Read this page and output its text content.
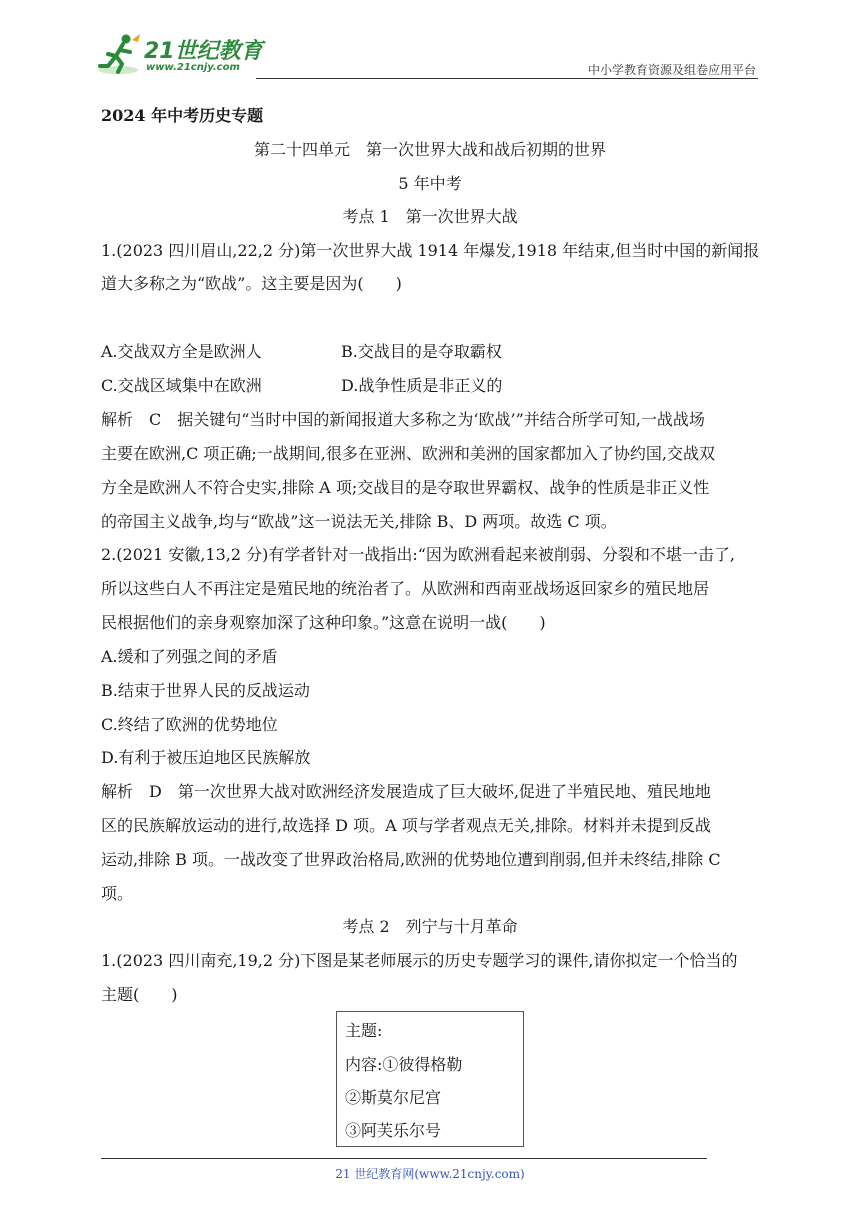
21世纪教育
www.21cnjy.com	中小学教育资源及组卷应用平台
2024 年中考历史专题
第二十四单元　第一次世界大战和战后初期的世界
5 年中考
考点 1　第一次世界大战
1.(2023 四川眉山,22,2 分)第一次世界大战 1914 年爆发,1918 年结束,但当时中国的新闻报
道大多称之为“欧战”。这主要是因为(　　)
A.交战双方全是欧洲人	B.交战目的是夺取霸权
C.交战区域集中在欧洲	D.战争性质是非正义的
解析　C　据关键句“当时中国的新闻报道大多称之为‘欧战’”并结合所学可知,一战战场
主要在欧洲,C 项正确;一战期间,很多在亚洲、欧洲和美洲的国家都加入了协约国,交战双
方全是欧洲人不符合史实,排除 A 项;交战目的是夺取世界霸权、战争的性质是非正义性
的帝国主义战争,均与“欧战”这一说法无关,排除 B、D 两项。故选 C 项。
2.(2021 安徽,13,2 分)有学者针对一战指出:“因为欧洲看起来被削弱、分裂和不堪一击了,
所以这些白人不再注定是殖民地的统治者了。从欧洲和西南亚战场返回家乡的殖民地居
民根据他们的亲身观察加深了这种印象。”这意在说明一战(　　)
A.缓和了列强之间的矛盾
B.结束于世界人民的反战运动
C.终结了欧洲的优势地位
D.有利于被压迫地区民族解放
解析　D　第一次世界大战对欧洲经济发展造成了巨大破坏,促进了半殖民地、殖民地地
区的民族解放运动的进行,故选择 D 项。A 项与学者观点无关,排除。材料并未提到反战
运动,排除 B 项。一战改变了世界政治格局,欧洲的优势地位遭到削弱,但并未终结,排除 C
项。
考点 2　列宁与十月革命
1.(2023 四川南充,19,2 分)下图是某老师展示的历史专题学习的课件,请你拟定一个恰当的
主题(　　)
主题:
内容:①彼得格勒
②斯莫尔尼宫
③阿芙乐尔号
21 世纪教育网(www.21cnjy.com)
